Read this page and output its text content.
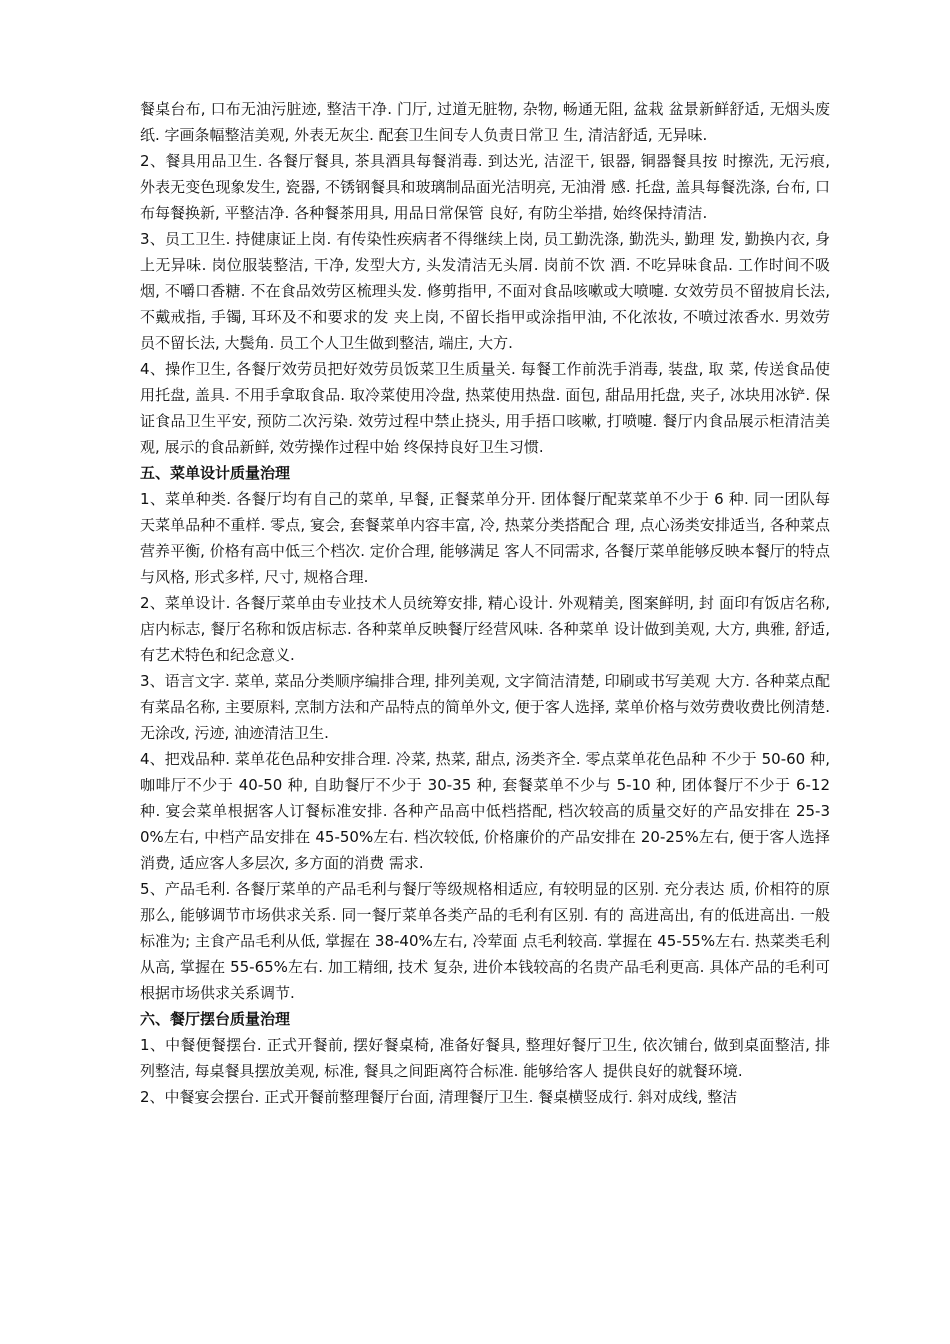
餐桌台布, 口布无油污脏迹, 整洁干净. 门厅, 过道无脏物, 杂物, 畅通无阻, 盆栽 盆景新鲜舒适, 无烟头废纸. 字画条幅整洁美观, 外表无灰尘. 配套卫生间专人负责日常卫 生, 清洁舒适, 无异味.

2、餐具用品卫生. 各餐厅餐具, 茶具酒具每餐消毒. 到达光, 洁涩干, 银器, 铜器餐具按 时擦洗, 无污痕, 外表无变色现象发生, 瓷器, 不锈钢餐具和玻璃制品面光洁明亮, 无油滑 感. 托盘, 盖具每餐洗涤, 台布, 口布每餐换新, 平整洁净. 各种餐茶用具, 用品日常保管 良好, 有防尘举措, 始终保持清洁.

3、员工卫生. 持健康证上岗. 有传染性疾病者不得继续上岗, 员工勤洗涤, 勤洗头, 勤理 发, 勤换内衣, 身上无异味. 岗位服装整洁, 干净, 发型大方, 头发清洁无头屑. 岗前不饮 酒. 不吃异味食品. 工作时间不吸烟, 不嚼口香糖. 不在食品效劳区梳理头发. 修剪指甲, 不面对食品咳嗽或大喷嚏. 女效劳员不留披肩长法, 不戴戒指, 手镯, 耳环及不和要求的发 夹上岗, 不留长指甲或涂指甲油, 不化浓妆, 不喷过浓香水. 男效劳员不留长法, 大鬓角. 员工个人卫生做到整洁, 端庄, 大方.

4、操作卫生, 各餐厅效劳员把好效劳员饭菜卫生质量关. 每餐工作前洗手消毒, 装盘, 取 菜, 传送食品使用托盘, 盖具. 不用手拿取食品. 取冷菜使用冷盘, 热菜使用热盘. 面包, 甜品用托盘, 夹子, 冰块用冰铲. 保证食品卫生平安, 预防二次污染. 效劳过程中禁止挠头, 用手捂口咳嗽, 打喷嚏. 餐厅内食品展示柜清洁美观, 展示的食品新鲜, 效劳操作过程中始 终保持良好卫生习惯.

五、菜单设计质量治理

1、菜单种类. 各餐厅均有自己的菜单, 早餐, 正餐菜单分开. 团体餐厅配菜菜单不少于 6 种. 同一团队每天菜单品种不重样. 零点, 宴会, 套餐菜单内容丰富, 冷, 热菜分类搭配合 理, 点心汤类安排适当, 各种菜点营养平衡, 价格有高中低三个档次. 定价合理, 能够满足 客人不同需求, 各餐厅菜单能够反映本餐厅的特点与风格, 形式多样, 尺寸, 规格合理.

2、菜单设计. 各餐厅菜单由专业技术人员统筹安排, 精心设计. 外观精美, 图案鲜明, 封 面印有饭店名称, 店内标志, 餐厅名称和饭店标志. 各种菜单反映餐厅经营风味. 各种菜单 设计做到美观, 大方, 典雅, 舒适, 有艺术特色和纪念意义.

3、语言文字. 菜单, 菜品分类顺序编排合理, 排列美观, 文字简洁清楚, 印刷或书写美观 大方. 各种菜点配有菜品名称, 主要原料, 烹制方法和产品特点的简单外文, 便于客人选择, 菜单价格与效劳费收费比例清楚. 无涂改, 污迹, 油迹清洁卫生.

4、把戏品种. 菜单花色品种安排合理. 冷菜, 热菜, 甜点, 汤类齐全. 零点菜单花色品种 不少于 50-60 种, 咖啡厅不少于 40-50 种, 自助餐厅不少于 30-35 种, 套餐菜单不少与 5-10 种, 团体餐厅不少于 6-12 种. 宴会菜单根据客人订餐标准安排. 各种产品高中低档搭配, 档次较高的质量交好的产品安排在 25-30%左右, 中档产品安排在 45-50%左右. 档次较低, 价格廉价的产品安排在 20-25%左右, 便于客人选择消费, 适应客人多层次, 多方面的消费 需求.

5、产品毛利. 各餐厅菜单的产品毛利与餐厅等级规格相适应, 有较明显的区别. 充分表达 质, 价相符的原那么, 能够调节市场供求关系. 同一餐厅菜单各类产品的毛利有区别. 有的 高进高出, 有的低进高出. 一般标准为; 主食产品毛利从低, 掌握在 38-40%左右, 冷荤面 点毛利较高. 掌握在 45-55%左右. 热菜类毛利从高, 掌握在 55-65%左右. 加工精细, 技术 复杂, 进价本钱较高的名贵产品毛利更高. 具体产品的毛利可根据市场供求关系调节.

六、餐厅摆台质量治理

1、中餐便餐摆台. 正式开餐前, 摆好餐桌椅, 准备好餐具, 整理好餐厅卫生, 依次铺台, 做到桌面整洁, 排列整洁, 每桌餐具摆放美观, 标准, 餐具之间距离符合标准. 能够给客人 提供良好的就餐环境.

2、中餐宴会摆台. 正式开餐前整理餐厅台面, 清理餐厅卫生. 餐桌横竖成行. 斜对成线, 整洁
